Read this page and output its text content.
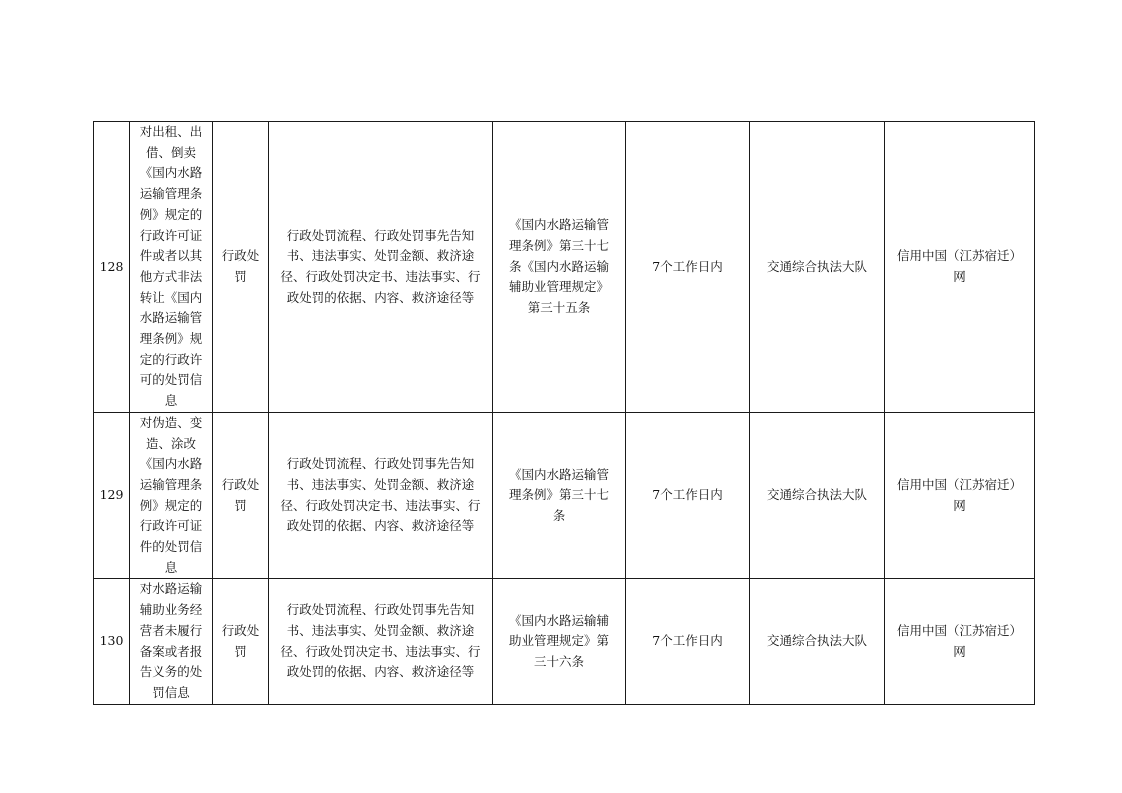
128	对出租、出借、倒卖《国内水路运输管理条例》规定的行政许可证件或者以其他方式非法转让《国内水路运输管理条例》规定的行政许可的处罚信息	行政处罚	行政处罚流程、行政处罚事先告知书、违法事实、处罚金额、救济途径、行政处罚决定书、违法事实、行政处罚的依据、内容、救济途径等	《国内水路运输管理条例》第三十七条《国内水路运输辅助业管理规定》第三十五条	7个工作日内	交通综合执法大队	信用中国（江苏宿迁）网

129	对伪造、变造、涂改《国内水路运输管理条例》规定的行政许可证件的处罚信息	行政处罚	行政处罚流程、行政处罚事先告知书、违法事实、处罚金额、救济途径、行政处罚决定书、违法事实、行政处罚的依据、内容、救济途径等	《国内水路运输管理条例》第三十七条	7个工作日内	交通综合执法大队	信用中国（江苏宿迁）网

130	对水路运输辅助业务经营者未履行备案或者报告义务的处罚信息	行政处罚	行政处罚流程、行政处罚事先告知书、违法事实、处罚金额、救济途径、行政处罚决定书、违法事实、行政处罚的依据、内容、救济途径等	《国内水路运输辅助业管理规定》第三十六条	7个工作日内	交通综合执法大队	信用中国（江苏宿迁）网
